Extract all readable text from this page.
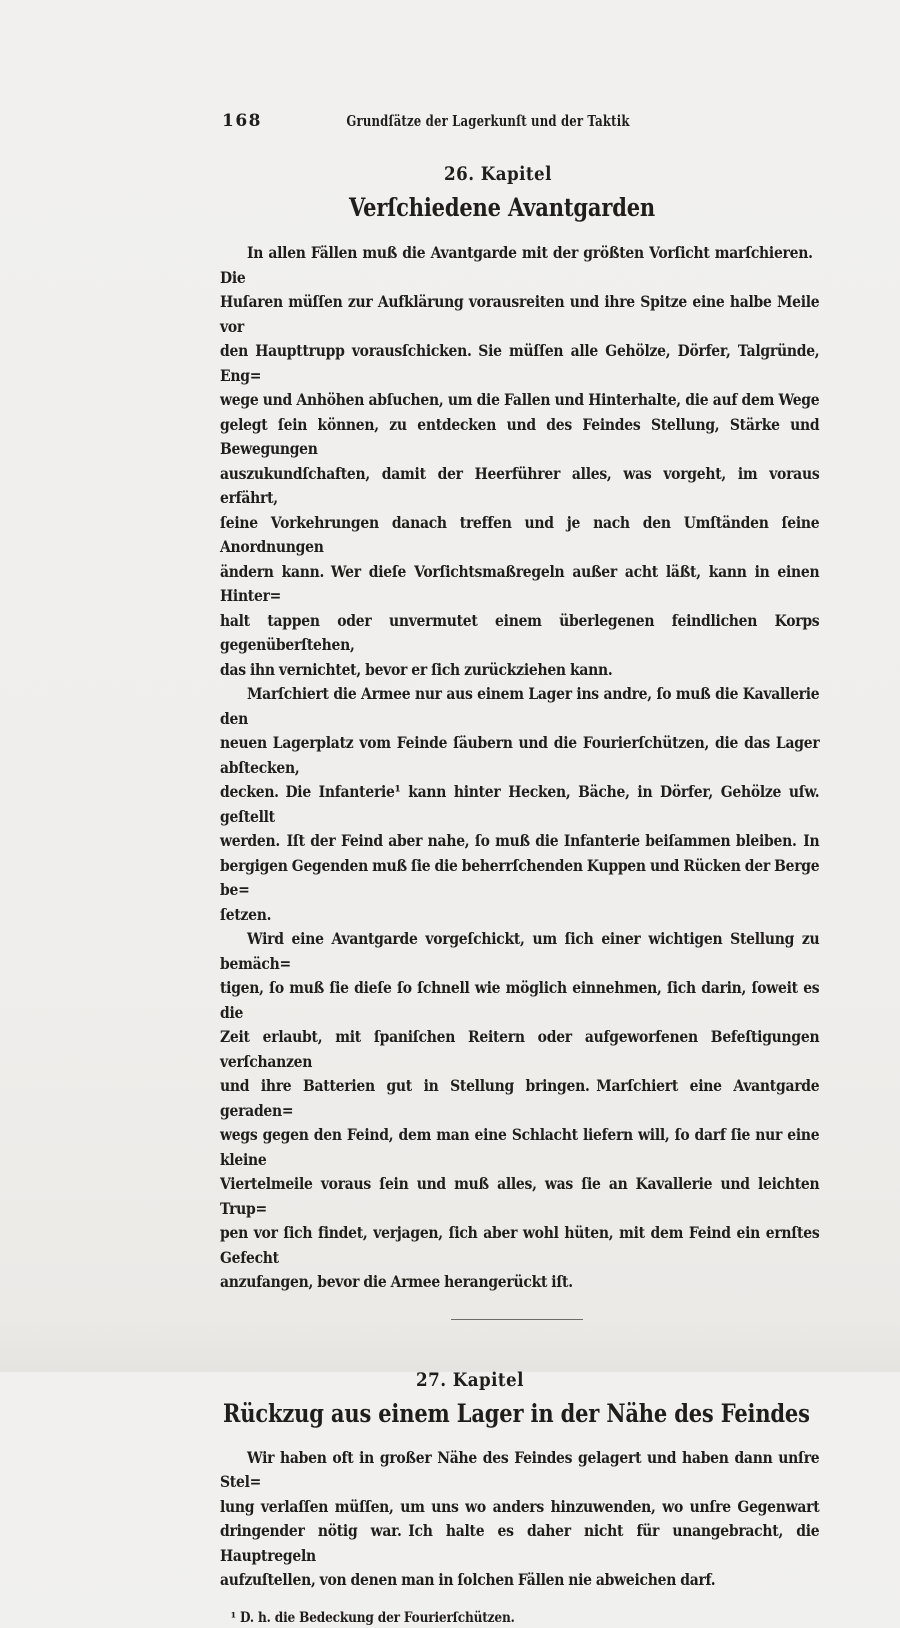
168	Grundſätze der Lagerkunſt und der Taktik
26. Kapitel
Verſchiedene Avantgarden
In allen Fällen muß die Avantgarde mit der größten Vorſicht marſchieren. Die
Huſaren müſſen zur Aufklärung vorausreiten und ihre Spitze eine halbe Meile vor
den Haupttrupp vorausſchicken. Sie müſſen alle Gehölze, Dörfer, Talgründe, Eng=
wege und Anhöhen abſuchen, um die Fallen und Hinterhalte, die auf dem Wege
gelegt ſein können, zu entdecken und des Feindes Stellung, Stärke und Bewegungen
auszukundſchaften, damit der Heerführer alles, was vorgeht, im voraus erfährt,
ſeine Vorkehrungen danach treffen und je nach den Umſtänden ſeine Anordnungen
ändern kann. Wer dieſe Vorſichtsmaßregeln außer acht läßt, kann in einen Hinter=
halt tappen oder unvermutet einem überlegenen feindlichen Korps gegenüberſtehen,
das ihn vernichtet, bevor er ſich zurückziehen kann.
Marſchiert die Armee nur aus einem Lager ins andre, ſo muß die Kavallerie den
neuen Lagerplatz vom Feinde ſäubern und die Fourierſchützen, die das Lager abſtecken,
decken. Die Infanterie¹ kann hinter Hecken, Bäche, in Dörfer, Gehölze uſw. geſtellt
werden. Iſt der Feind aber nahe, ſo muß die Infanterie beiſammen bleiben. In
bergigen Gegenden muß ſie die beherrſchenden Kuppen und Rücken der Berge be=
ſetzen.
Wird eine Avantgarde vorgeſchickt, um ſich einer wichtigen Stellung zu bemäch=
tigen, ſo muß ſie dieſe ſo ſchnell wie möglich einnehmen, ſich darin, ſoweit es die
Zeit erlaubt, mit ſpaniſchen Reitern oder aufgeworfenen Befeſtigungen verſchanzen
und ihre Batterien gut in Stellung bringen. Marſchiert eine Avantgarde geraden=
wegs gegen den Feind, dem man eine Schlacht liefern will, ſo darf ſie nur eine kleine
Viertelmeile voraus ſein und muß alles, was ſie an Kavallerie und leichten Trup=
pen vor ſich findet, verjagen, ſich aber wohl hüten, mit dem Feind ein ernſtes Gefecht
anzufangen, bevor die Armee herangerückt iſt.
27. Kapitel
Rückzug aus einem Lager in der Nähe des Feindes
Wir haben oft in großer Nähe des Feindes gelagert und haben dann unſre Stel=
lung verlaſſen müſſen, um uns wo anders hinzuwenden, wo unſre Gegenwart
dringender nötig war. Ich halte es daher nicht für unangebracht, die Hauptregeln
aufzuſtellen, von denen man in ſolchen Fällen nie abweichen darf.
¹ D. h. die Bedeckung der Fourierſchützen.
